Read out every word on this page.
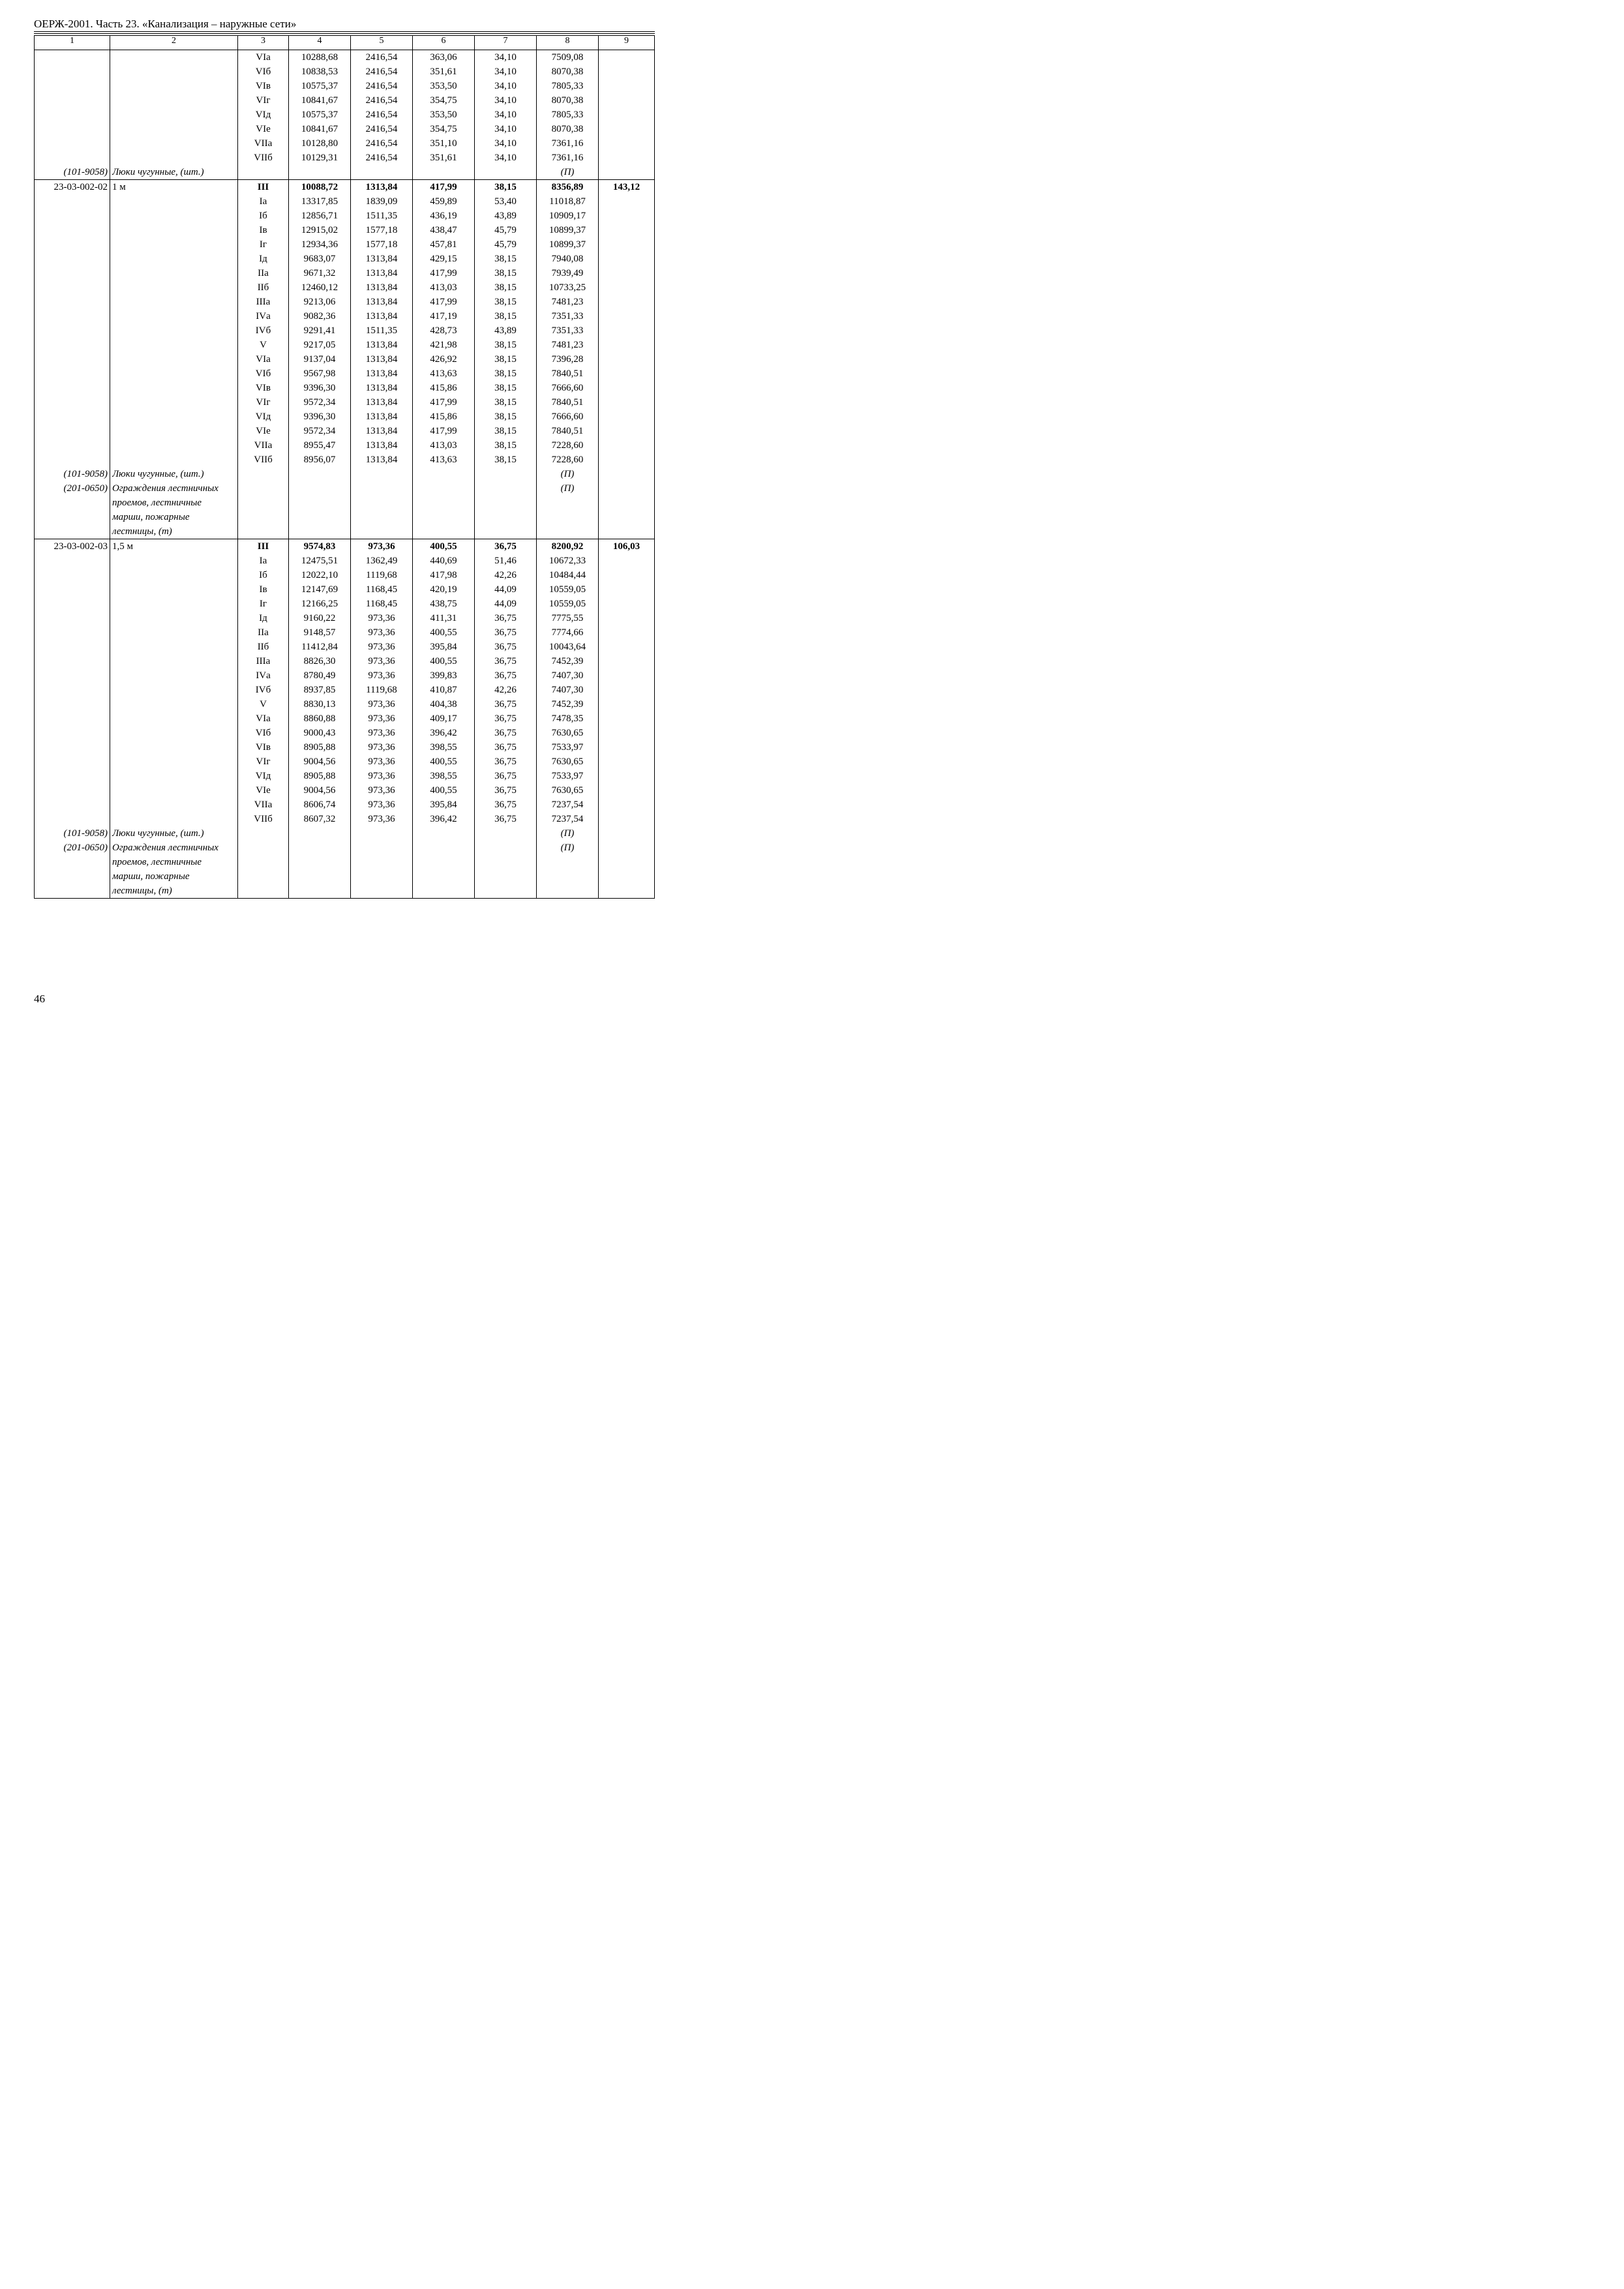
ОЕРЖ-2001. Часть 23. «Канализация – наружные сети»
1	2	3	4	5	6	7	8	9
		VIа	10288,68	2416,54	363,06	34,10	7509,08	
		VIб	10838,53	2416,54	351,61	34,10	8070,38	
		VIв	10575,37	2416,54	353,50	34,10	7805,33	
		VIг	10841,67	2416,54	354,75	34,10	8070,38	
		VIд	10575,37	2416,54	353,50	34,10	7805,33	
		VIе	10841,67	2416,54	354,75	34,10	8070,38	
		VIIа	10128,80	2416,54	351,10	34,10	7361,16	
		VIIб	10129,31	2416,54	351,61	34,10	7361,16	
(101-9058)	Люки чугунные, (шт.)						(П)	
23-03-002-02	1 м	III	10088,72	1313,84	417,99	38,15	8356,89	143,12
		Iа	13317,85	1839,09	459,89	53,40	11018,87	
		Iб	12856,71	1511,35	436,19	43,89	10909,17	
		Iв	12915,02	1577,18	438,47	45,79	10899,37	
		Iг	12934,36	1577,18	457,81	45,79	10899,37	
		Iд	9683,07	1313,84	429,15	38,15	7940,08	
		IIа	9671,32	1313,84	417,99	38,15	7939,49	
		IIб	12460,12	1313,84	413,03	38,15	10733,25	
		IIIа	9213,06	1313,84	417,99	38,15	7481,23	
		IVа	9082,36	1313,84	417,19	38,15	7351,33	
		IVб	9291,41	1511,35	428,73	43,89	7351,33	
		V	9217,05	1313,84	421,98	38,15	7481,23	
		VIа	9137,04	1313,84	426,92	38,15	7396,28	
		VIб	9567,98	1313,84	413,63	38,15	7840,51	
		VIв	9396,30	1313,84	415,86	38,15	7666,60	
		VIг	9572,34	1313,84	417,99	38,15	7840,51	
		VIд	9396,30	1313,84	415,86	38,15	7666,60	
		VIе	9572,34	1313,84	417,99	38,15	7840,51	
		VIIа	8955,47	1313,84	413,03	38,15	7228,60	
		VIIб	8956,07	1313,84	413,63	38,15	7228,60	
(101-9058)	Люки чугунные, (шт.)						(П)	
(201-0650)	Ограждения лестничных
проемов, лестничные
марши, пожарные
лестницы, (т)						(П)	
23-03-002-03	1,5 м	III	9574,83	973,36	400,55	36,75	8200,92	106,03
		Iа	12475,51	1362,49	440,69	51,46	10672,33	
		Iб	12022,10	1119,68	417,98	42,26	10484,44	
		Iв	12147,69	1168,45	420,19	44,09	10559,05	
		Iг	12166,25	1168,45	438,75	44,09	10559,05	
		Iд	9160,22	973,36	411,31	36,75	7775,55	
		IIа	9148,57	973,36	400,55	36,75	7774,66	
		IIб	11412,84	973,36	395,84	36,75	10043,64	
		IIIа	8826,30	973,36	400,55	36,75	7452,39	
		IVа	8780,49	973,36	399,83	36,75	7407,30	
		IVб	8937,85	1119,68	410,87	42,26	7407,30	
		V	8830,13	973,36	404,38	36,75	7452,39	
		VIа	8860,88	973,36	409,17	36,75	7478,35	
		VIб	9000,43	973,36	396,42	36,75	7630,65	
		VIв	8905,88	973,36	398,55	36,75	7533,97	
		VIг	9004,56	973,36	400,55	36,75	7630,65	
		VIд	8905,88	973,36	398,55	36,75	7533,97	
		VIе	9004,56	973,36	400,55	36,75	7630,65	
		VIIа	8606,74	973,36	395,84	36,75	7237,54	
		VIIб	8607,32	973,36	396,42	36,75	7237,54	
(101-9058)	Люки чугунные, (шт.)						(П)	
(201-0650)	Ограждения лестничных
проемов, лестничные
марши, пожарные
лестницы, (т)						(П)	
46
